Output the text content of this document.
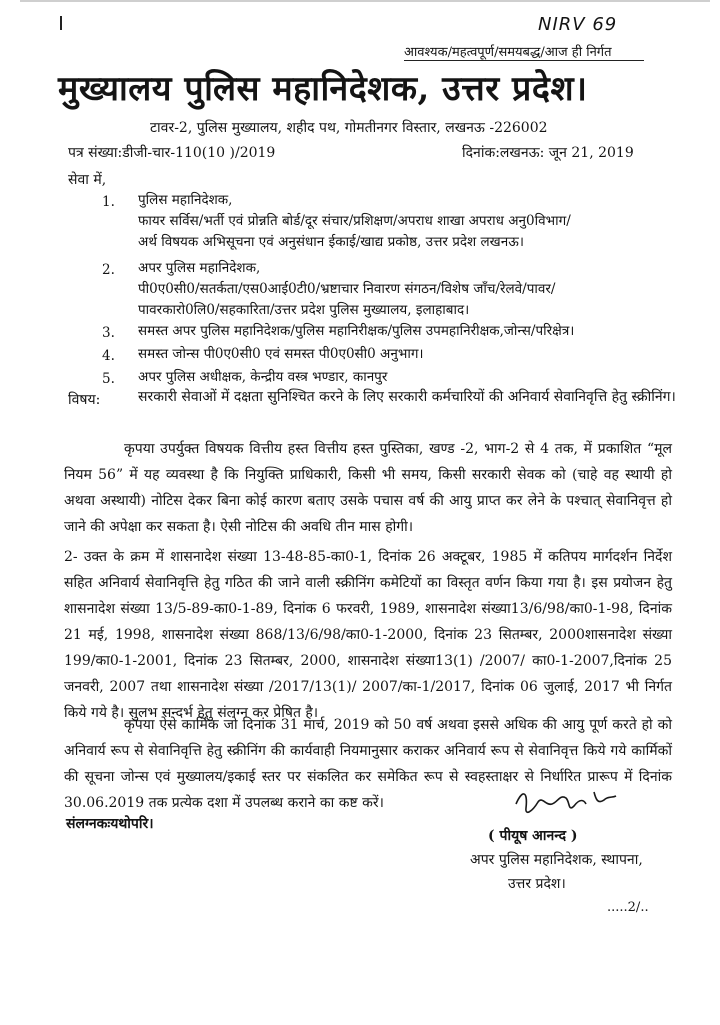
NIRV 69
आवश्यक/महत्वपूर्ण/समयबद्ध/आज ही निर्गत
मुख्यालय पुलिस महानिदेशक, उत्तर प्रदेश।
टावर-2, पुलिस मुख्यालय, शहीद पथ, गोमतीनगर विस्तार, लखनऊ -226002
पत्र संख्या:डीजी-चार-110(10 )/2019	दिनांक:लखनऊ: जून 21, 2019
सेवा में,
1. पुलिस महानिदेशक,
फायर सर्विस/भर्ती एवं प्रोन्नति बोर्ड/दूर संचार/प्रशिक्षण/अपराध शाखा अपराध अनु0विभाग/
अर्थ विषयक अभिसूचना एवं अनुसंधान ईकाई/खाद्य प्रकोष्ठ, उत्तर प्रदेश लखनऊ।
2. अपर पुलिस महानिदेशक,
पी0ए0सी0/सतर्कता/एस0आई0टी0/भ्रष्टाचार निवारण संगठन/विशेष जाँच/रेलवे/पावर/
पावरकारो0लि0/सहकारिता/उत्तर प्रदेश पुलिस मुख्यालय, इलाहाबाद।
3. समस्त अपर पुलिस महानिदेशक/पुलिस महानिरीक्षक/पुलिस उपमहानिरीक्षक,जोन्स/परिक्षेत्र।
4. समस्त जोन्स पी0ए0सी0 एवं समस्त पी0ए0सी0 अनुभाग।
5. अपर पुलिस अधीक्षक, केन्द्रीय वस्त्र भण्डार, कानपुर
विषय:	सरकारी सेवाओं में दक्षता सुनिश्चित करने के लिए सरकारी कर्मचारियों की अनिवार्य सेवानिवृत्ति हेतु स्क्रीनिंग।
कृपया उपर्युक्त विषयक वित्तीय हस्त वित्तीय हस्त पुस्तिका, खण्ड -2, भाग-2 से 4 तक, में प्रकाशित “मूल नियम 56” में यह व्यवस्था है कि नियुक्ति प्राधिकारी, किसी भी समय, किसी सरकारी सेवक को (चाहे वह स्थायी हो अथवा अस्थायी) नोटिस देकर बिना कोई कारण बताए उसके पचास वर्ष की आयु प्राप्त कर लेने के पश्चात् सेवानिवृत्त हो जाने की अपेक्षा कर सकता है। ऐसी नोटिस की अवधि तीन मास होगी।
2- उक्त के क्रम में शासनादेश संख्या 13-48-85-का0-1, दिनांक 26 अक्टूबर, 1985 में कतिपय मार्गदर्शन निर्देश सहित अनिवार्य सेवानिवृत्ति हेतु गठित की जाने वाली स्क्रीनिंग कमेटियों का विस्तृत वर्णन किया गया है। इस प्रयोजन हेतु शासनादेश संख्या 13/5-89-का0-1-89, दिनांक 6 फरवरी, 1989, शासनादेश संख्या13/6/98/का0-1-98, दिनांक 21 मई, 1998, शासनादेश संख्या 868/13/6/98/का0-1-2000, दिनांक 23 सितम्बर, 2000शासनादेश संख्या 199/का0-1-2001, दिनांक 23 सितम्बर, 2000, शासनादेश संख्या13(1) /2007/ का0-1-2007,दिनांक 25 जनवरी, 2007 तथा शासनादेश संख्या /2017/13(1)/ 2007/का-1/2017, दिनांक 06 जुलाई, 2017 भी निर्गत किये गये है। सुलभ सन्दर्भ हेतु संलग्न कर प्रेषित है।
कृपया ऐसे कार्मिक जो दिनांक 31 मार्च, 2019 को 50 वर्ष अथवा इससे अधिक की आयु पूर्ण करते हो को अनिवार्य रूप से सेवानिवृत्ति हेतु स्क्रीनिंग की कार्यवाही नियमानुसार कराकर अनिवार्य रूप से सेवानिवृत्त किये गये कार्मिकों की सूचना जोन्स एवं मुख्यालय/इकाई स्तर पर संकलित कर समेकित रूप से स्वहस्ताक्षर से निर्धारित प्रारूप में दिनांक 30.06.2019 तक प्रत्येक दशा में उपलब्ध कराने का कष्ट करें।
संलग्नकःयथोपरि।
( पीयूष आनन्द )
अपर पुलिस महानिदेशक, स्थापना,
उत्तर प्रदेश।
.....2/..
